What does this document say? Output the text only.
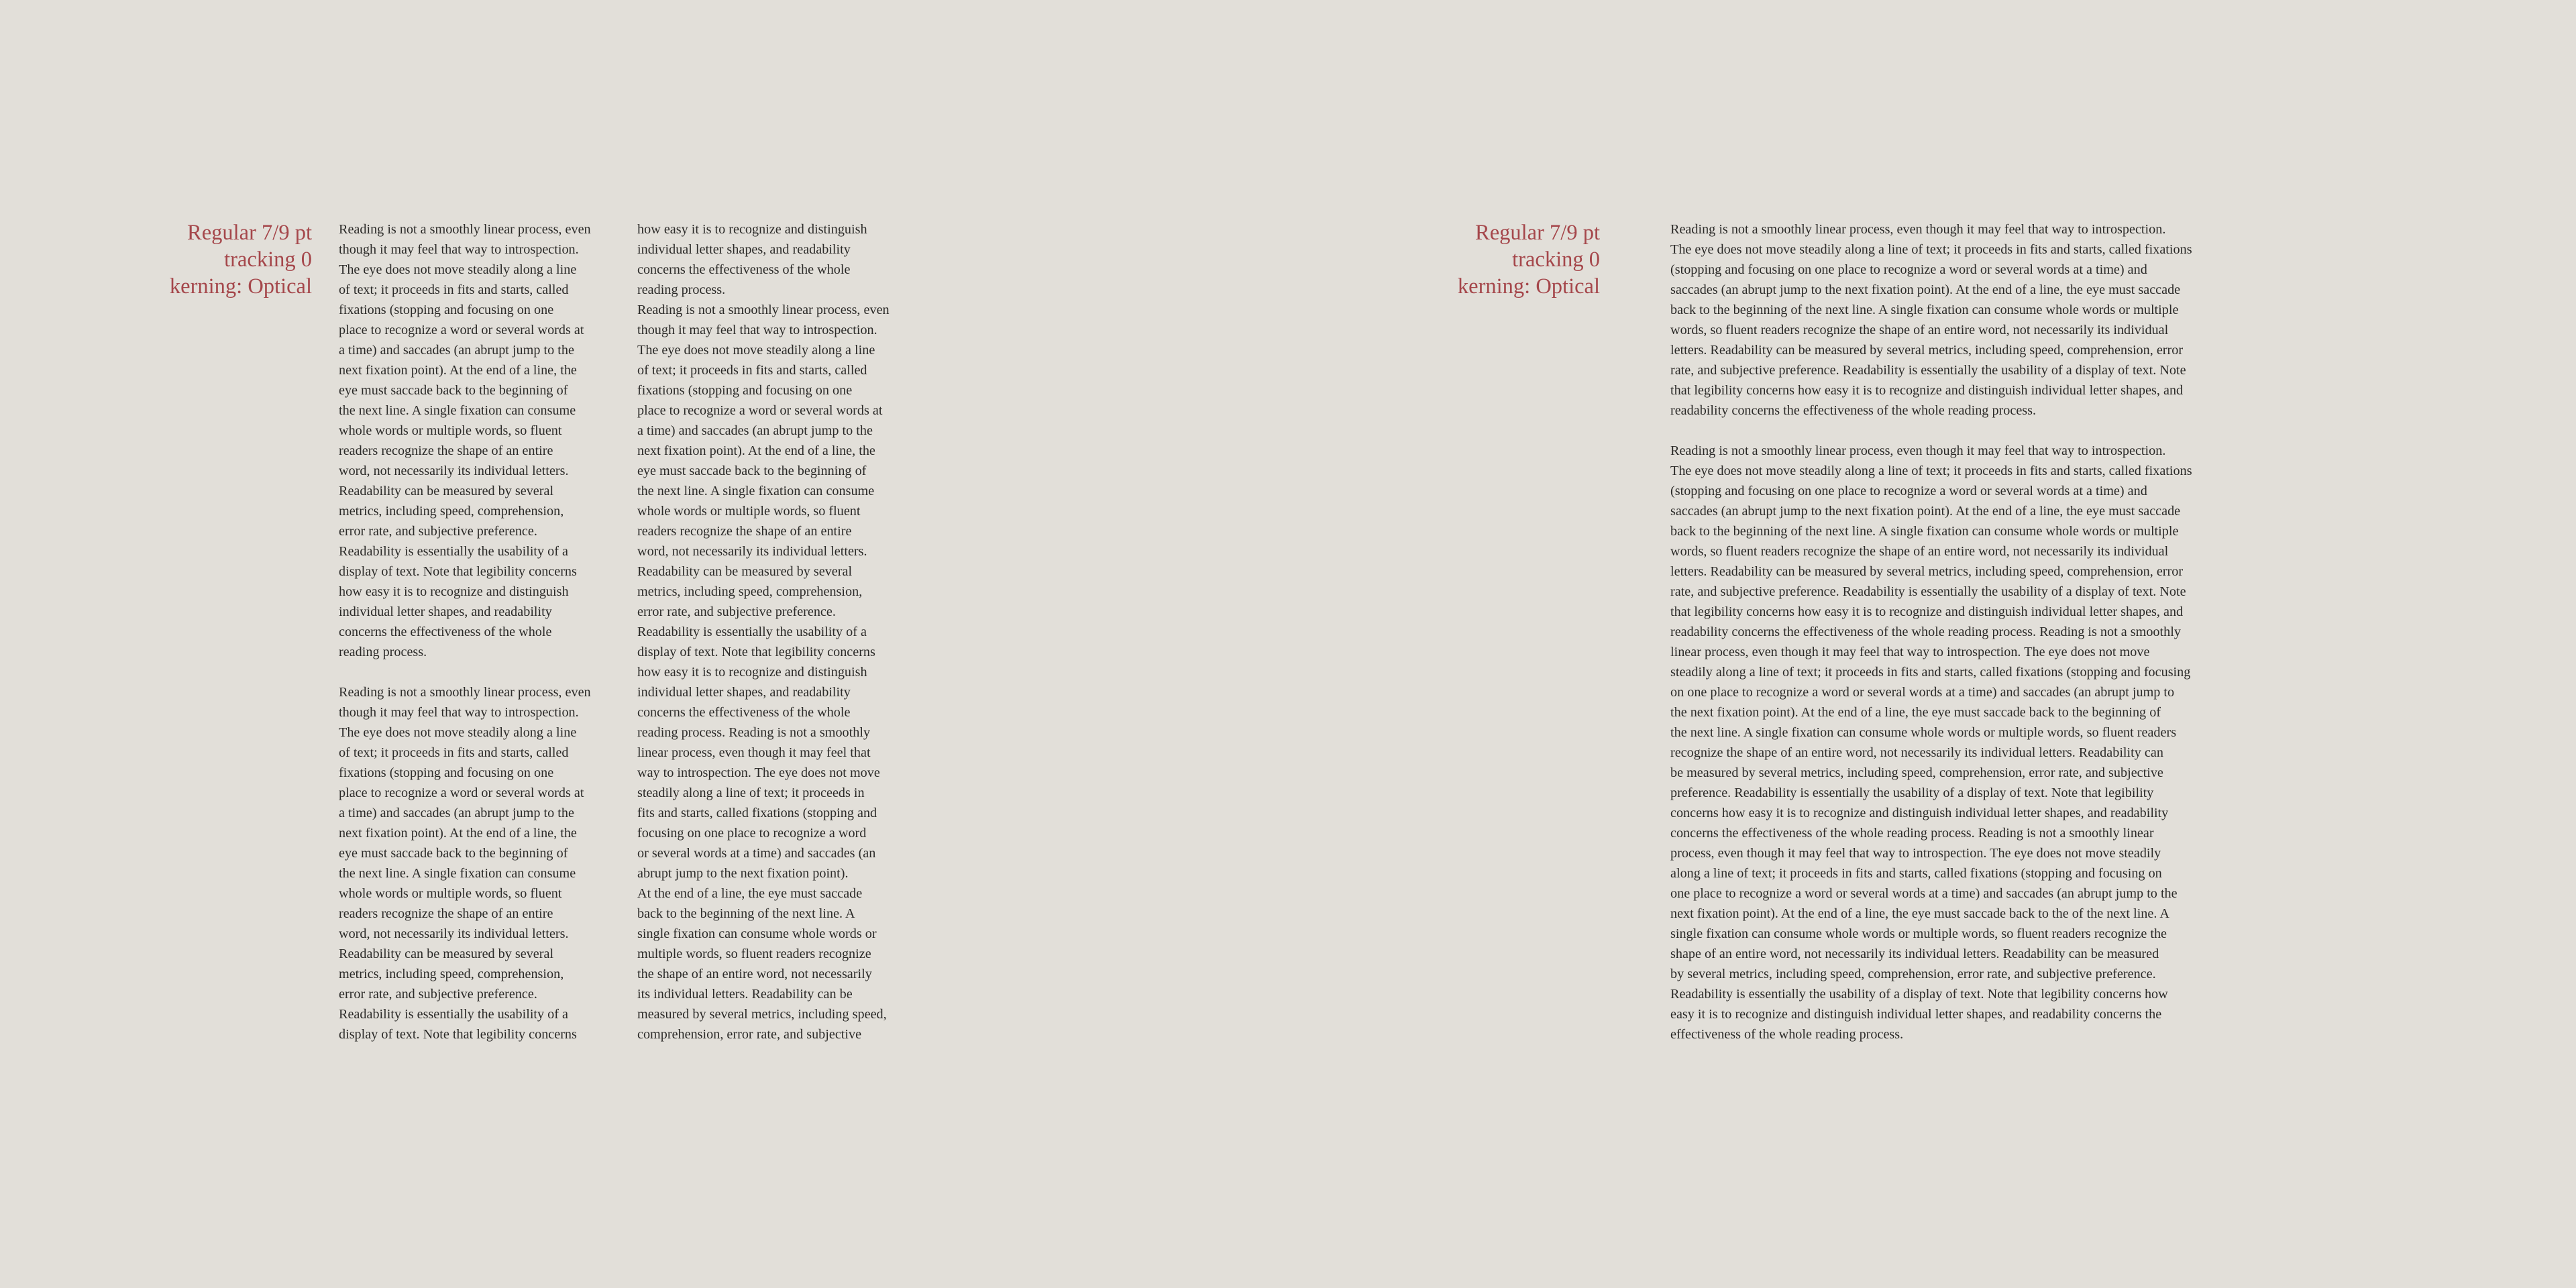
Regular 7/9 pt
tracking 0
kerning: Optical

Reading is not a smoothly linear process, even
though it may feel that way to introspection.
The eye does not move steadily along a line
of text; it proceeds in fits and starts, called
fixations (stopping and focusing on one
place to recognize a word or several words at
a time) and saccades (an abrupt jump to the
next fixation point). At the end of a line, the
eye must saccade back to the beginning of
the next line. A single fixation can consume
whole words or multiple words, so fluent
readers recognize the shape of an entire
word, not necessarily its individual letters.
Readability can be measured by several
metrics, including speed, comprehension,
error rate, and subjective preference.
Readability is essentially the usability of a
display of text. Note that legibility concerns
how easy it is to recognize and distinguish
individual letter shapes, and readability
concerns the effectiveness of the whole
reading process.

Reading is not a smoothly linear process, even
though it may feel that way to introspection.
The eye does not move steadily along a line
of text; it proceeds in fits and starts, called
fixations (stopping and focusing on one
place to recognize a word or several words at
a time) and saccades (an abrupt jump to the
next fixation point). At the end of a line, the
eye must saccade back to the beginning of
the next line. A single fixation can consume
whole words or multiple words, so fluent
readers recognize the shape of an entire
word, not necessarily its individual letters.
Readability can be measured by several
metrics, including speed, comprehension,
error rate, and subjective preference.
Readability is essentially the usability of a
display of text. Note that legibility concerns

how easy it is to recognize and distinguish
individual letter shapes, and readability
concerns the effectiveness of the whole
reading process.
Reading is not a smoothly linear process, even
though it may feel that way to introspection.
The eye does not move steadily along a line
of text; it proceeds in fits and starts, called
fixations (stopping and focusing on one
place to recognize a word or several words at
a time) and saccades (an abrupt jump to the
next fixation point). At the end of a line, the
eye must saccade back to the beginning of
the next line. A single fixation can consume
whole words or multiple words, so fluent
readers recognize the shape of an entire
word, not necessarily its individual letters.
Readability can be measured by several
metrics, including speed, comprehension,
error rate, and subjective preference.
Readability is essentially the usability of a
display of text. Note that legibility concerns
how easy it is to recognize and distinguish
individual letter shapes, and readability
concerns the effectiveness of the whole
reading process. Reading is not a smoothly
linear process, even though it may feel that
way to introspection. The eye does not move
steadily along a line of text; it proceeds in
fits and starts, called fixations (stopping and
focusing on one place to recognize a word
or several words at a time) and saccades (an
abrupt jump to the next fixation point).
At the end of a line, the eye must saccade
back to the beginning of the next line. A
single fixation can consume whole words or
multiple words, so fluent readers recognize
the shape of an entire word, not necessarily
its individual letters. Readability can be
measured by several metrics, including speed,
comprehension, error rate, and subjective

Regular 7/9 pt
tracking 0
kerning: Optical

Reading is not a smoothly linear process, even though it may feel that way to introspection.
The eye does not move steadily along a line of text; it proceeds in fits and starts, called fixations
(stopping and focusing on one place to recognize a word or several words at a time) and
saccades (an abrupt jump to the next fixation point). At the end of a line, the eye must saccade
back to the beginning of the next line. A single fixation can consume whole words or multiple
words, so fluent readers recognize the shape of an entire word, not necessarily its individual
letters. Readability can be measured by several metrics, including speed, comprehension, error
rate, and subjective preference. Readability is essentially the usability of a display of text. Note
that legibility concerns how easy it is to recognize and distinguish individual letter shapes, and
readability concerns the effectiveness of the whole reading process.

Reading is not a smoothly linear process, even though it may feel that way to introspection.
The eye does not move steadily along a line of text; it proceeds in fits and starts, called fixations
(stopping and focusing on one place to recognize a word or several words at a time) and
saccades (an abrupt jump to the next fixation point). At the end of a line, the eye must saccade
back to the beginning of the next line. A single fixation can consume whole words or multiple
words, so fluent readers recognize the shape of an entire word, not necessarily its individual
letters. Readability can be measured by several metrics, including speed, comprehension, error
rate, and subjective preference. Readability is essentially the usability of a display of text. Note
that legibility concerns how easy it is to recognize and distinguish individual letter shapes, and
readability concerns the effectiveness of the whole reading process. Reading is not a smoothly
linear process, even though it may feel that way to introspection. The eye does not move
steadily along a line of text; it proceeds in fits and starts, called fixations (stopping and focusing
on one place to recognize a word or several words at a time) and saccades (an abrupt jump to
the next fixation point). At the end of a line, the eye must saccade back to the beginning of
the next line. A single fixation can consume whole words or multiple words, so fluent readers
recognize the shape of an entire word, not necessarily its individual letters. Readability can
be measured by several metrics, including speed, comprehension, error rate, and subjective
preference. Readability is essentially the usability of a display of text. Note that legibility
concerns how easy it is to recognize and distinguish individual letter shapes, and readability
concerns the effectiveness of the whole reading process. Reading is not a smoothly linear
process, even though it may feel that way to introspection. The eye does not move steadily
along a line of text; it proceeds in fits and starts, called fixations (stopping and focusing on
one place to recognize a word or several words at a time) and saccades (an abrupt jump to the
next fixation point). At the end of a line, the eye must saccade back to the of the next line. A
single fixation can consume whole words or multiple words, so fluent readers recognize the
shape of an entire word, not necessarily its individual letters. Readability can be measured
by several metrics, including speed, comprehension, error rate, and subjective preference.
Readability is essentially the usability of a display of text. Note that legibility concerns how
easy it is to recognize and distinguish individual letter shapes, and readability concerns the
effectiveness of the whole reading process.
